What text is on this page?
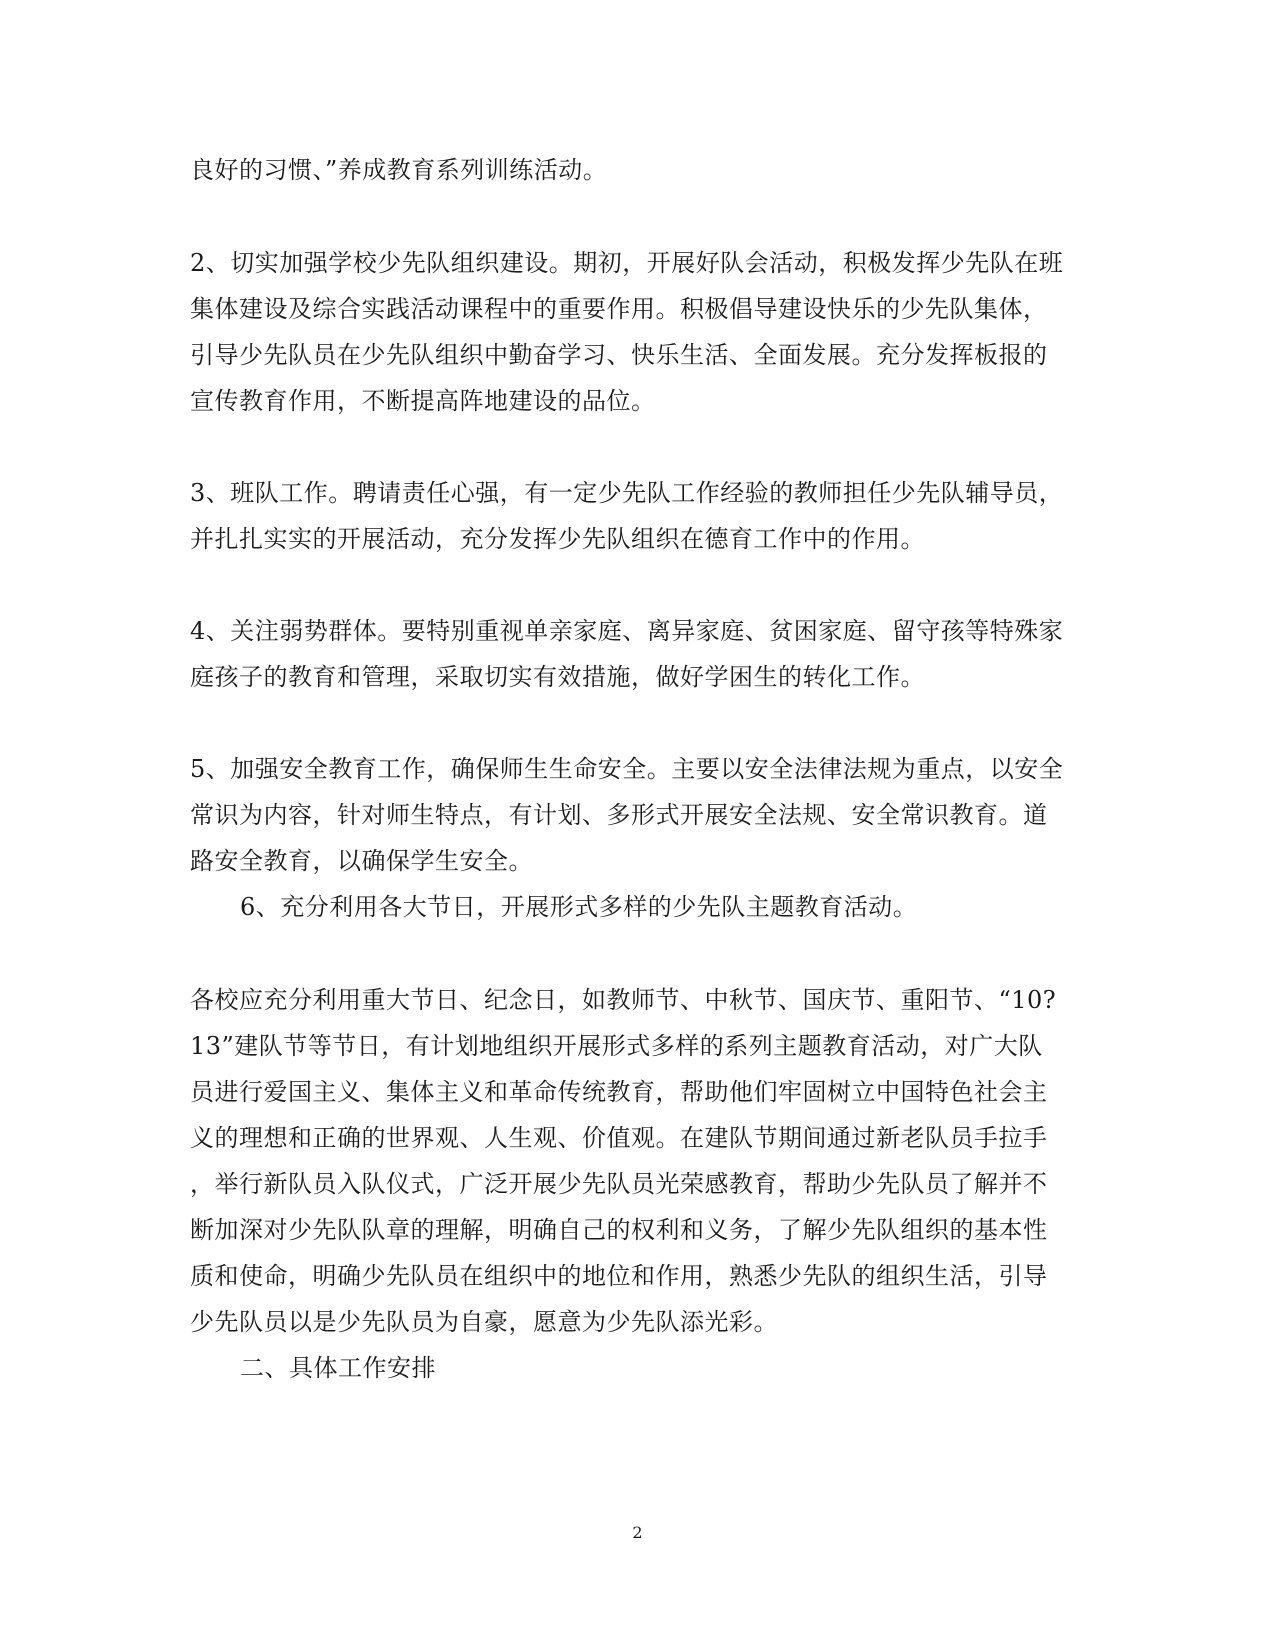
良好的习惯、”养成教育系列训练活动。
2、切实加强学校少先队组织建设。期初，开展好队会活动，积极发挥少先队在班
集体建设及综合实践活动课程中的重要作用。积极倡导建设快乐的少先队集体，
引导少先队员在少先队组织中勤奋学习、快乐生活、全面发展。充分发挥板报的
宣传教育作用，不断提高阵地建设的品位。
3、班队工作。聘请责任心强，有一定少先队工作经验的教师担任少先队辅导员，
并扎扎实实的开展活动，充分发挥少先队组织在德育工作中的作用。
4、关注弱势群体。要特别重视单亲家庭、离异家庭、贫困家庭、留守孩等特殊家
庭孩子的教育和管理，采取切实有效措施，做好学困生的转化工作。
5、加强安全教育工作，确保师生生命安全。主要以安全法律法规为重点，以安全
常识为内容，针对师生特点，有计划、多形式开展安全法规、安全常识教育。道
路安全教育，以确保学生安全。
6、充分利用各大节日，开展形式多样的少先队主题教育活动。
各校应充分利用重大节日、纪念日，如教师节、中秋节、国庆节、重阳节、“10?
13”建队节等节日，有计划地组织开展形式多样的系列主题教育活动，对广大队
员进行爱国主义、集体主义和革命传统教育，帮助他们牢固树立中国特色社会主
义的理想和正确的世界观、人生观、价值观。在建队节期间通过新老队员手拉手
，举行新队员入队仪式，广泛开展少先队员光荣感教育，帮助少先队员了解并不
断加深对少先队队章的理解，明确自己的权利和义务，了解少先队组织的基本性
质和使命，明确少先队员在组织中的地位和作用，熟悉少先队的组织生活，引导
少先队员以是少先队员为自豪，愿意为少先队添光彩。
二、具体工作安排
2
